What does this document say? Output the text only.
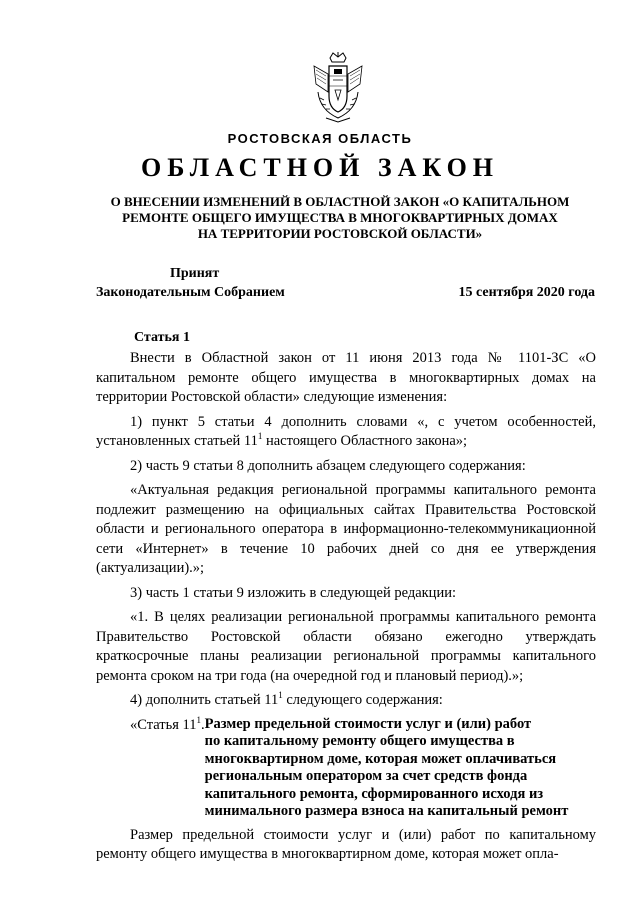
РОСТОВСКАЯ ОБЛАСТЬ
ОБЛАСТНОЙ ЗАКОН
О ВНЕСЕНИИ ИЗМЕНЕНИЙ В ОБЛАСТНОЙ ЗАКОН «О КАПИТАЛЬНОМ
РЕМОНТЕ ОБЩЕГО ИМУЩЕСТВА В МНОГОКВАРТИРНЫХ ДОМАХ
НА ТЕРРИТОРИИ РОСТОВСКОЙ ОБЛАСТИ»
Принят
Законодательным Собранием	15 сентября 2020 года
Статья 1

Внести в Областной закон от 11 июня 2013 года № 1101-ЗС «О капитальном ремонте общего имущества в многоквартирных домах на территории Ростовской области» следующие изменения:

1) пункт 5 статьи 4 дополнить словами «, с учетом особенностей, установленных статьей $11^1$ настоящего Областного закона»;

2) часть 9 статьи 8 дополнить абзацем следующего содержания:

«Актуальная редакция региональной программы капитального ремонта подлежит размещению на официальных сайтах Правительства Ростовской области и регионального оператора в информационно-телекоммуникационной сети «Интернет» в течение 10 рабочих дней со дня ее утверждения (актуализации).»;

3) часть 1 статьи 9 изложить в следующей редакции:

«1. В целях реализации региональной программы капитального ремонта Правительство Ростовской области обязано ежегодно утверждать краткосрочные планы реализации региональной программы капитального ремонта сроком на три года (на очередной год и плановый период).»;

4) дополнить статьей $11^1$ следующего содержания:

«Статья $11^1$. Размер предельной стоимости услуг и (или) работ
по капитальному ремонту общего имущества в
многоквартирном доме, которая может оплачиваться
региональным оператором за счет средств фонда
капитального ремонта, сформированного исходя из
минимального размера взноса на капитальный ремонт

Размер предельной стоимости услуг и (или) работ по капитальному ремонту общего имущества в многоквартирном доме, которая может опла-
